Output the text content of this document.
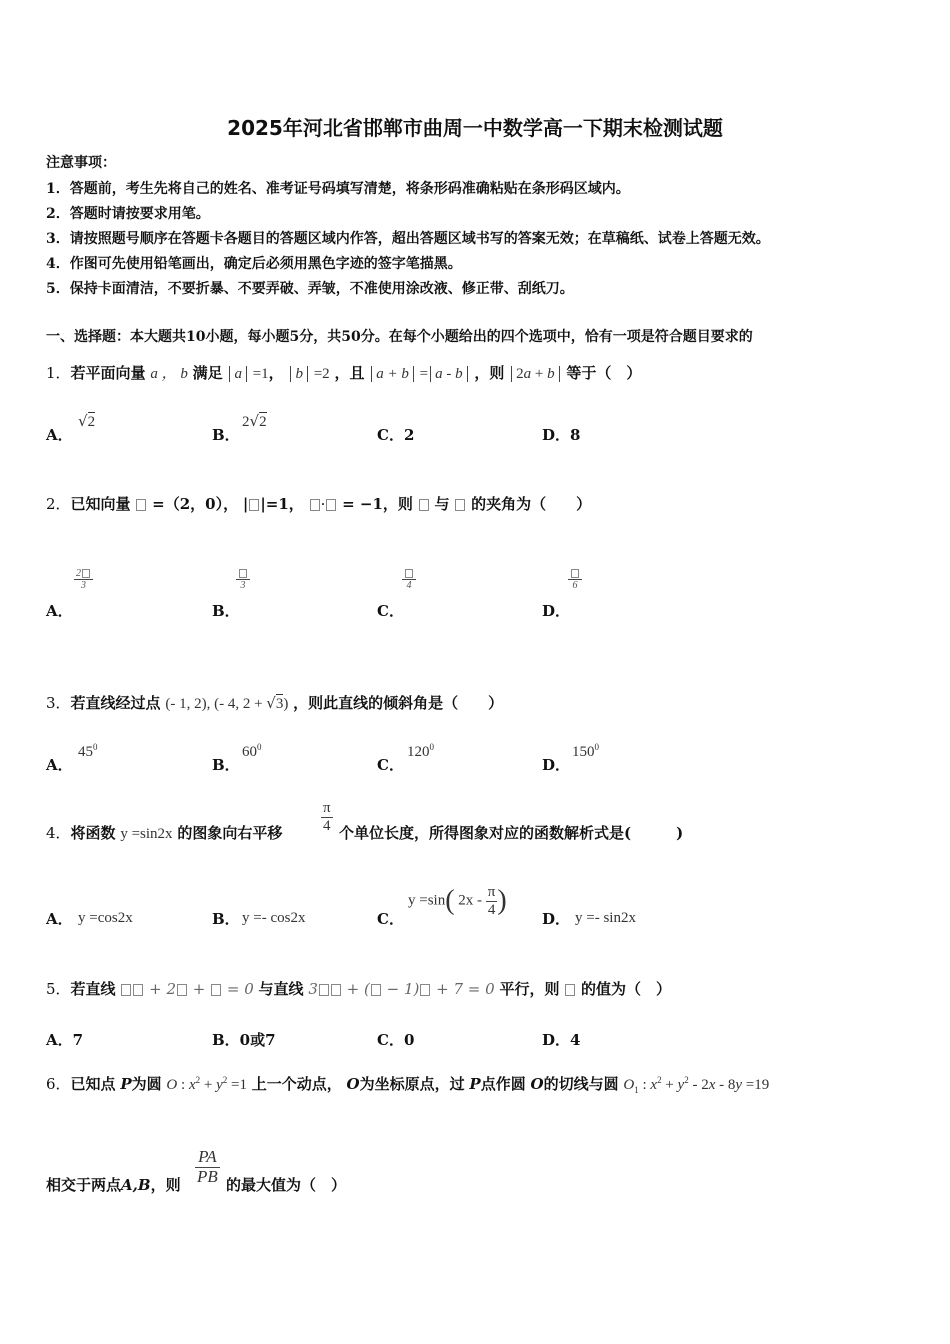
2025年河北省邯郸市曲周一中数学高一下期末检测试题
注意事项：
1．答题前，考生先将自己的姓名、准考证号码填写清楚，将条形码准确粘贴在条形码区域内。
2．答题时请按要求用笔。
3．请按照题号顺序在答题卡各题目的答题区域内作答，超出答题区域书写的答案无效；在草稿纸、试卷上答题无效。
4．作图可先使用铅笔画出，确定后必须用黑色字迹的签字笔描黑。
5．保持卡面清洁，不要折暴、不要弄破、弄皱，不准使用涂改液、修正带、刮纸刀。
一、选择题：本大题共10小题，每小题5分，共50分。在每个小题给出的四个选项中，恰有一项是符合题目要求的
1．若平面向量 a ， b 满足 a =1， b =2 ，且 a + b = a - b ，则 2a + b 等于（　）
A．
√2
B．
2√2
C．2	D．8
2．已知向量 =（2，0）， | |=1， · = −1，则 与 的夹角为（　　）
A．
$\frac{2}{3}$
B．
3
C．
4
D．
6
3．若直线经过点 (- 1, 2), (- 4, 2 + √3) ，则此直线的倾斜角是（　　）
A．
$45^0$
B．
$60^0$
C．
$120^0$
D．
$150^0$
4．将函数 y =sin2x 的图象向右平移	$\frac{\pi}{4}$ 个单位长度，所得图象对应的函数解析式是(　　　)
A． y =cos2x	B． y =- cos2x	C．
y =sin( $2x - \frac{\pi}{4}$ )
D． y =- sin2x
5．若直线  + 2 +  = 0 与直线 3 + ( − 1) + 7 = 0 平行，则 的值为（　）
A．7	B．0或7	C．0	D．4
6．已知点 P为圆 O : $x^2 + y^2 =1$ 上一个动点， O为坐标原点，过 P点作圆 O的切线与圆 $O_1$ : $x^2 + y^2 - 2x - 8y =19$
相交于两点A,B，则 $\frac{PA}{PB}$ 的最大值为（　）
